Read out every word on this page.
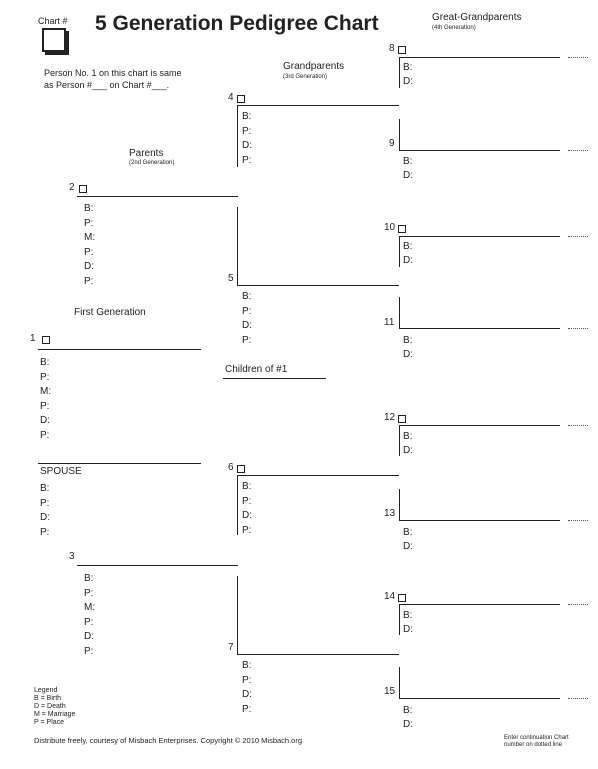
Chart # 5 Generation Pedigree Chart
Person No. 1 on this chart is same
as Person #___ on Chart #___.
Great-Grandparents
(4th Generation)
Grandparents
(3rd Generation)
Parents
(2nd Generation)
First Generation
Children of #1
1
B:
P:
M:
P:
D:
P:
SPOUSE
B:
P:
D:
P:
2
B:
P:
M:
P:
D:
P:
3
B:
P:
M:
P:
D:
P:
4
B:
P:
D:
P:
5
B:
P:
D:
P:
6
B:
P:
D:
P:
7
B:
P:
D:
P:
8
B:
D:
9
B:
D:
10
B:
D:
11
B:
D:
12
B:
D:
13
B:
D:
14
B:
D:
15
B:
D:
Legend
B = Birth
D = Death
M = Marriage
P = Place
Distribute freely, courtesy of Misbach Enterprises. Copyright © 2010 Misbach.org	Enter continuation Chart
number on dotted line
